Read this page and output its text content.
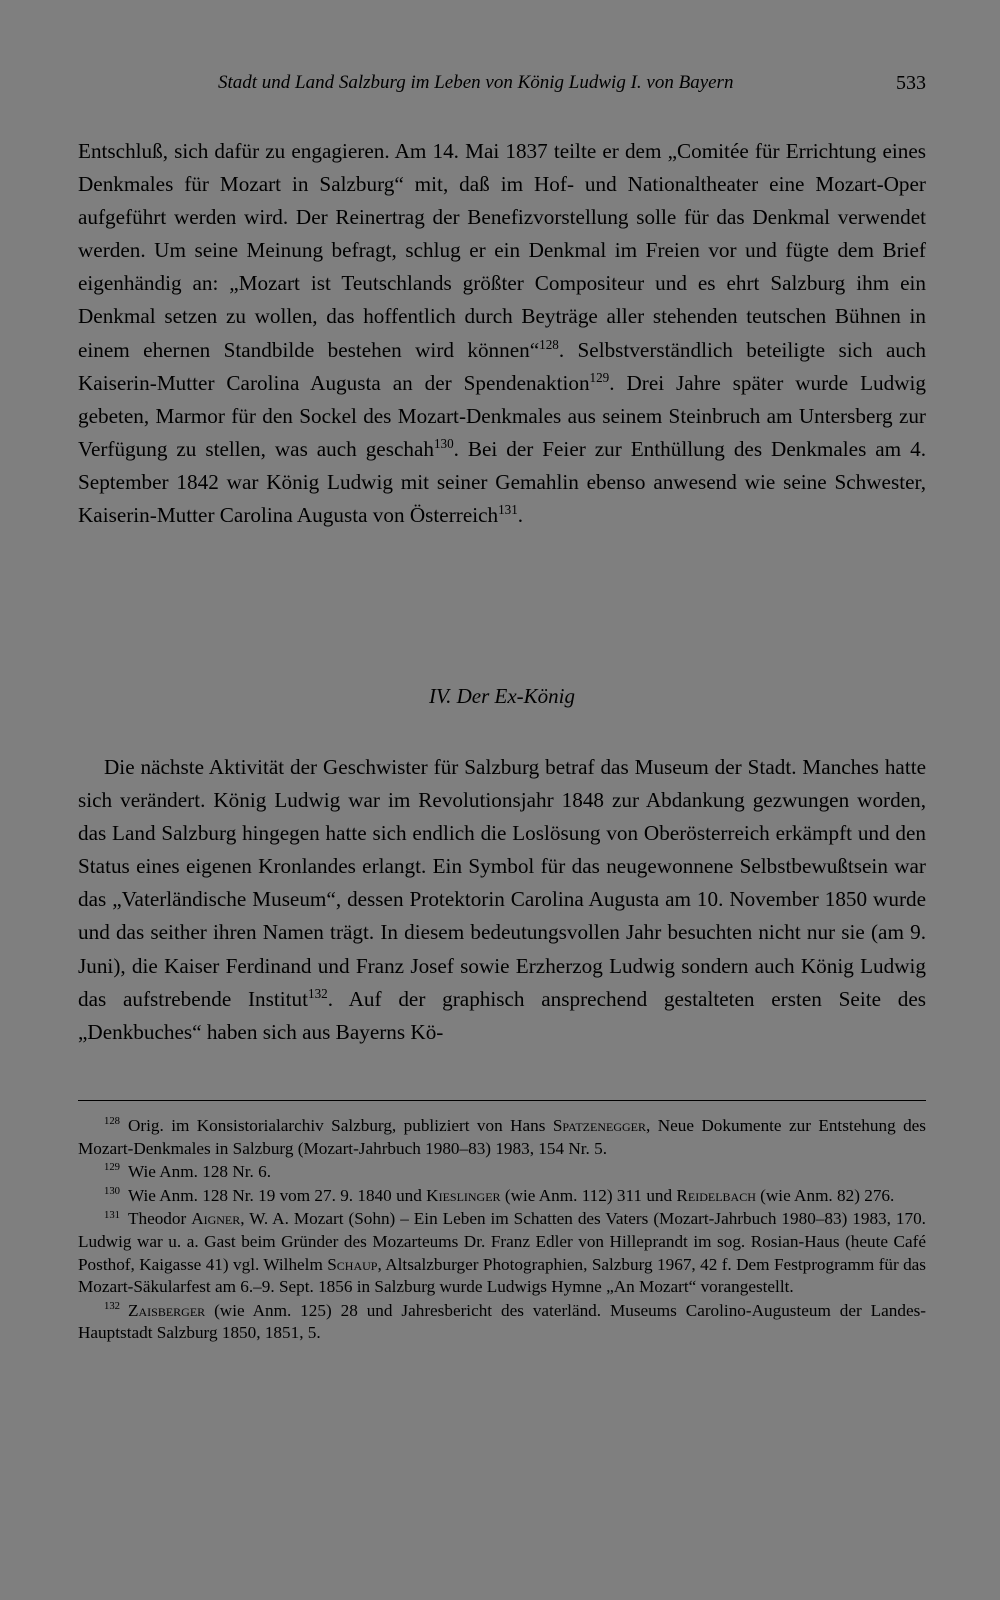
Stadt und Land Salzburg im Leben von König Ludwig I. von Bayern	533

Entschluß, sich dafür zu engagieren. Am 14. Mai 1837 teilte er dem „Comitée für Errichtung eines Denkmales für Mozart in Salzburg“ mit, daß im Hof- und Nationaltheater eine Mozart-Oper aufgeführt werden wird. Der Reinertrag der Benefizvorstellung solle für das Denkmal verwendet werden. Um seine Meinung befragt, schlug er ein Denkmal im Freien vor und fügte dem Brief eigenhändig an: „Mozart ist Teutschlands größter Compositeur und es ehrt Salzburg ihm ein Denkmal setzen zu wollen, das hoffentlich durch Beyträge aller stehenden teutschen Bühnen in einem ehernen Standbilde bestehen wird können“$^{128}$. Selbstverständlich beteiligte sich auch Kaiserin-Mutter Carolina Augusta an der Spendenaktion$^{129}$. Drei Jahre später wurde Ludwig gebeten, Marmor für den Sockel des Mozart-Denkmales aus seinem Steinbruch am Untersberg zur Verfügung zu stellen, was auch geschah$^{130}$. Bei der Feier zur Enthüllung des Denkmales am 4. September 1842 war König Ludwig mit seiner Gemahlin ebenso anwesend wie seine Schwester, Kaiserin-Mutter Carolina Augusta von Österreich$^{131}$.

IV. Der Ex-König

Die nächste Aktivität der Geschwister für Salzburg betraf das Museum der Stadt. Manches hatte sich verändert. König Ludwig war im Revolutionsjahr 1848 zur Abdankung gezwungen worden, das Land Salzburg hingegen hatte sich endlich die Loslösung von Oberösterreich erkämpft und den Status eines eigenen Kronlandes erlangt. Ein Symbol für das neugewonnene Selbstbewußtsein war das „Vaterländische Museum“, dessen Protektorin Carolina Augusta am 10. November 1850 wurde und das seither ihren Namen trägt. In diesem bedeutungsvollen Jahr besuchten nicht nur sie (am 9. Juni), die Kaiser Ferdinand und Franz Josef sowie Erzherzog Ludwig sondern auch König Ludwig das aufstrebende Institut$^{132}$. Auf der graphisch ansprechend gestalteten ersten Seite des „Denkbuches“ haben sich aus Bayerns Kö-

$^{128}$ Orig. im Konsistorialarchiv Salzburg, publiziert von Hans Spatzenegger, Neue Dokumente zur Entstehung des Mozart-Denkmales in Salzburg (Mozart-Jahrbuch 1980–83) 1983, 154 Nr. 5.

$^{129}$ Wie Anm. 128 Nr. 6.

$^{130}$ Wie Anm. 128 Nr. 19 vom 27. 9. 1840 und Kieslinger (wie Anm. 112) 311 und Reidelbach (wie Anm. 82) 276.

$^{131}$ Theodor Aigner, W. A. Mozart (Sohn) – Ein Leben im Schatten des Vaters (Mozart-Jahrbuch 1980–83) 1983, 170. Ludwig war u. a. Gast beim Gründer des Mozarteums Dr. Franz Edler von Hilleprandt im sog. Rosian-Haus (heute Café Posthof, Kaigasse 41) vgl. Wilhelm Schaup, Altsalzburger Photographien, Salzburg 1967, 42 f. Dem Festprogramm für das Mozart-Säkularfest am 6.–9. Sept. 1856 in Salzburg wurde Ludwigs Hymne „An Mozart“ vorangestellt.

$^{132}$ Zaisberger (wie Anm. 125) 28 und Jahresbericht des vaterländ. Museums Carolino-Augusteum der Landes-Hauptstadt Salzburg 1850, 1851, 5.
